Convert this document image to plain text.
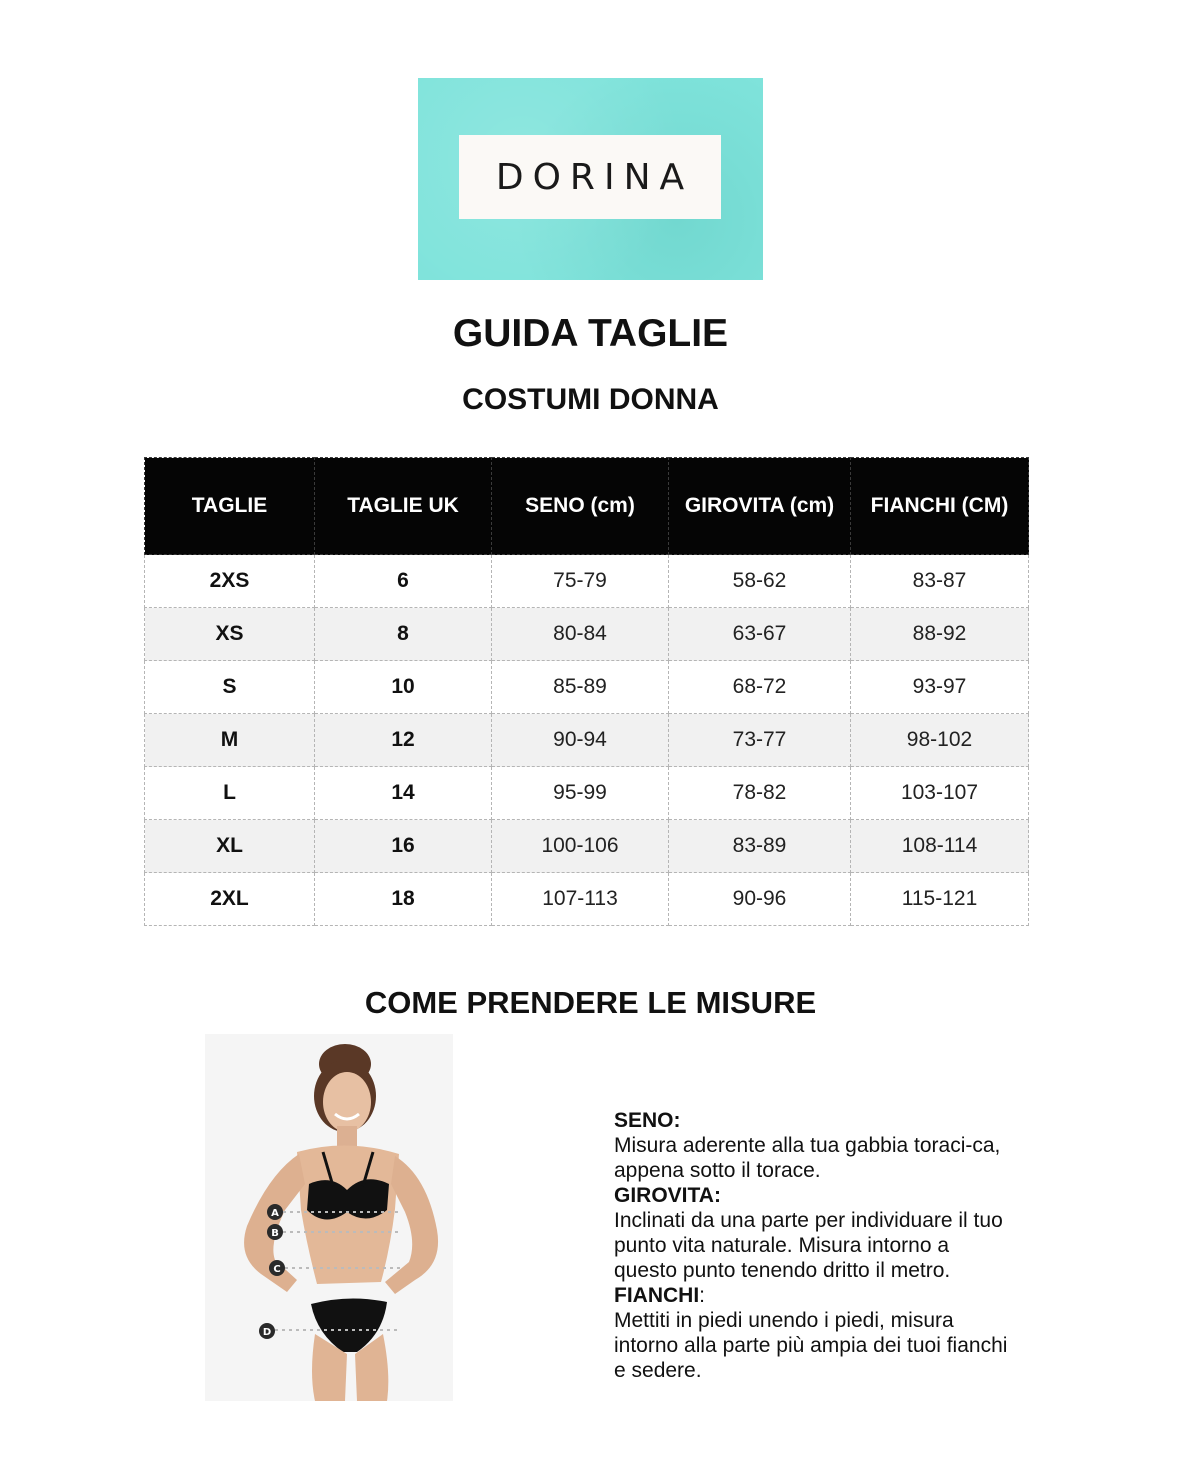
DORINA
GUIDA TAGLIE
COSTUMI DONNA
TAGLIE	TAGLIE UK	SENO (cm)	GIROVITA (cm)	FIANCHI (CM)
2XS	6	75-79	58-62	83-87
XS	8	80-84	63-67	88-92
S	10	85-89	68-72	93-97
M	12	90-94	73-77	98-102
L	14	95-99	78-82	103-107
XL	16	100-106	83-89	108-114
2XL	18	107-113	90-96	115-121
COME PRENDERE LE MISURE
A
B
C
D
SENO:
Misura aderente alla tua gabbia toraci-ca, appena sotto il torace.
GIROVITA:
Inclinati da una parte per individuare il tuo punto vita naturale. Misura intorno a questo punto tenendo dritto il metro.
FIANCHI:
Mettiti in piedi unendo i piedi, misura intorno alla parte più ampia dei tuoi fianchi e sedere.
